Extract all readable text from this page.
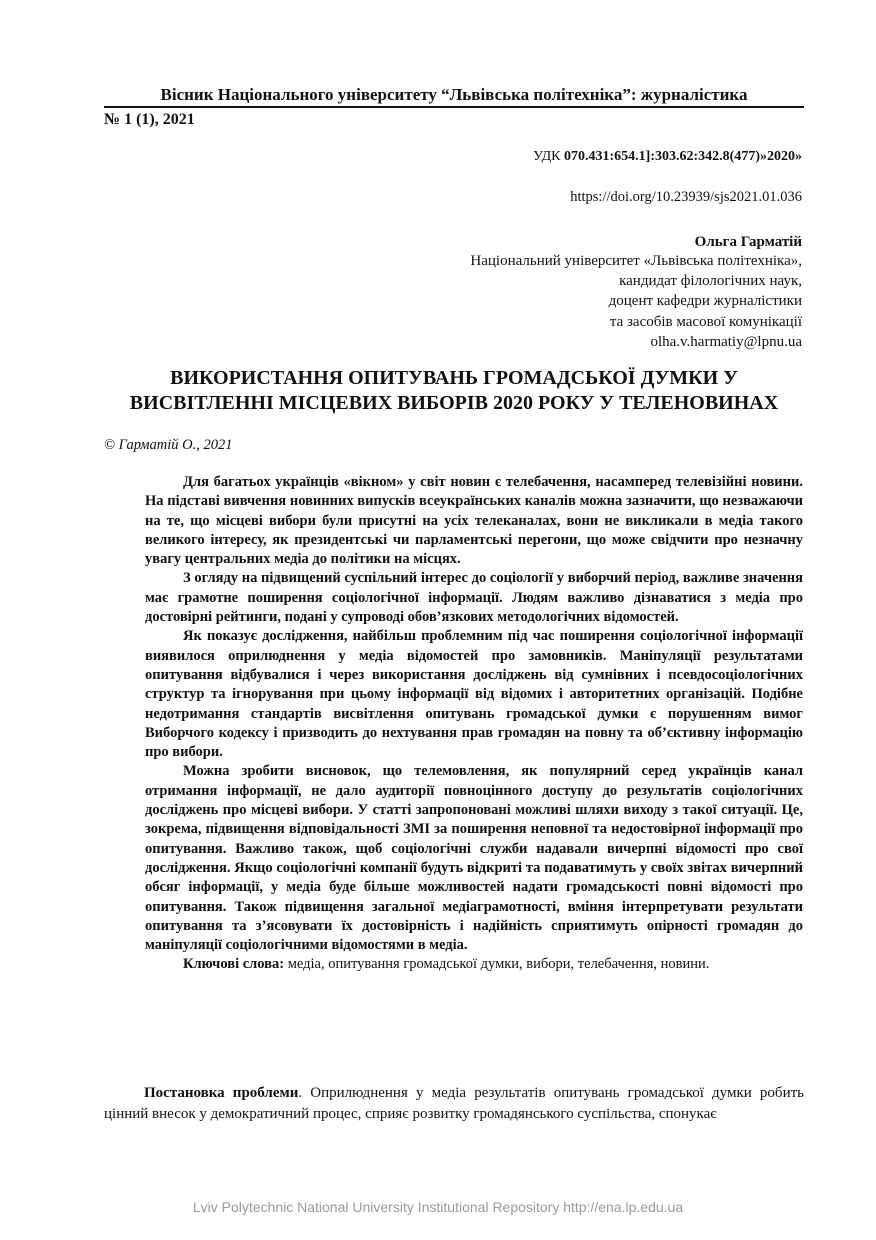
Вісник Національного університету “Львівська політехніка”: журналістика
№ 1 (1), 2021
УДК 070.431:654.1]:303.62:342.8(477)»2020»
https://doi.org/10.23939/sjs2021.01.036
Ольга Гарматій
Національний університет «Львівська політехніка»,
кандидат філологічних наук,
доцент кафедри журналістики
та засобів масової комунікації
olha.v.harmatiy@lpnu.ua
ВИКОРИСТАННЯ ОПИТУВАНЬ ГРОМАДСЬКОЇ ДУМКИ У
ВИСВІТЛЕННІ МІСЦЕВИХ ВИБОРІВ 2020 РОКУ У ТЕЛЕНОВИНАХ
© Гарматій О., 2021

Для багатьох українців «вікном» у світ новин є телебачення, насамперед телевізійні новини. На підставі вивчення новинних випусків всеукраїнських каналів можна зазначити, що незважаючи на те, що місцеві вибори були присутні на усіх телеканалах, вони не викликали в медіа такого великого інтересу, як президентські чи парламентські перегони, що може свідчити про незначну увагу центральних медіа до політики на місцях.

З огляду на підвищений суспільний інтерес до соціології у виборчий період, важливе значення має грамотне поширення соціологічної інформації. Людям важливо дізнаватися з медіа про достовірні рейтинги, подані у супроводі обов’язкових методологічних відомостей.

Як показує дослідження, найбільш проблемним під час поширення соціологічної інформації виявилося оприлюднення у медіа відомостей про замовників. Маніпуляції результатами опитування відбувалися і через використання досліджень від сумнівних і псевдосоціологічних структур та ігнорування при цьому інформації від відомих і авторитетних організацій. Подібне недотримання стандартів висвітлення опитувань громадської думки є порушенням вимог Виборчого кодексу і призводить до нехтування прав громадян на повну та об’єктивну інформацію про вибори.

Можна зробити висновок, що телемовлення, як популярний серед українців канал отримання інформації, не дало аудиторії повноцінного доступу до результатів соціологічних досліджень про місцеві вибори. У статті запропоновані можливі шляхи виходу з такої ситуації. Це, зокрема, підвищення відповідальності ЗМІ за поширення неповної та недостовірної інформації про опитування. Важливо також, щоб соціологічні служби надавали вичерпні відомості про свої дослідження. Якщо соціологічні компанії будуть відкриті та подаватимуть у своїх звітах вичерпний обсяг інформації, у медіа буде більше можливостей надати громадськості повні відомості про опитування. Також підвищення загальної медіаграмотності, вміння інтерпретувати результати опитування та з’ясовувати їх достовірність і надійність сприятимуть опірності громадян до маніпуляції соціологічними відомостями в медіа.

Ключові слова: медіа, опитування громадської думки, вибори, телебачення, новини.

Постановка проблеми. Оприлюднення у медіа результатів опитувань громадської думки робить цінний внесок у демократичний процес, сприяє розвитку громадянського суспільства, спонукає

Lviv Polytechnic National University Institutional Repository http://ena.lp.edu.ua
